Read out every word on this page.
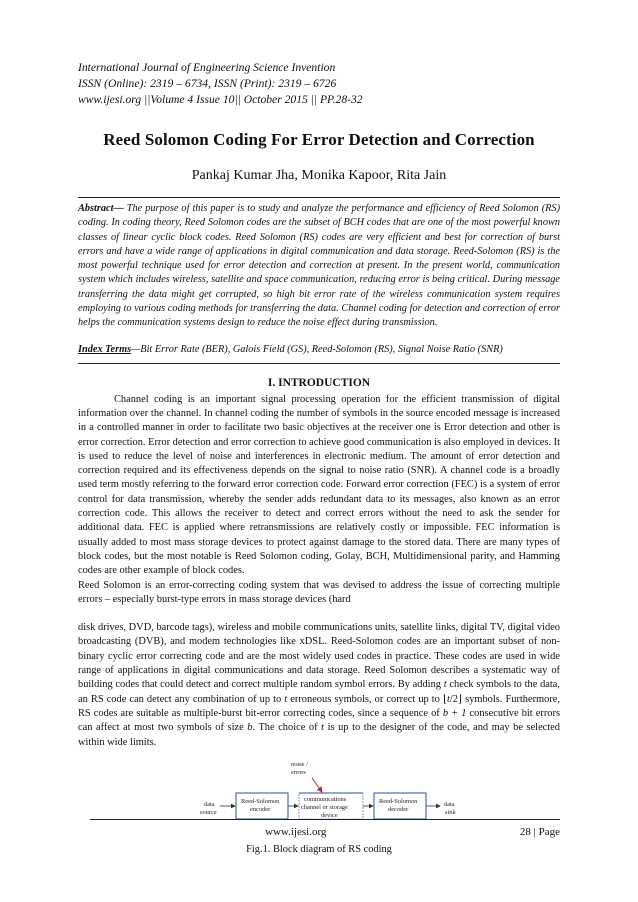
International Journal of Engineering Science Invention
ISSN (Online): 2319 – 6734, ISSN (Print): 2319 – 6726
www.ijesi.org ||Volume 4 Issue 10|| October 2015 || PP.28-32
Reed Solomon Coding For Error Detection and Correction
Pankaj Kumar Jha, Monika Kapoor, Rita Jain
Abstract— The purpose of this paper is to study and analyze the performance and efficiency of Reed Solomon (RS) coding. In coding theory, Reed Solomon codes are the subset of BCH codes that are one of the most powerful known classes of linear cyclic block codes. Reed Solomon (RS) codes are very efficient and best for correction of burst errors and have a wide range of applications in digital communication and data storage. Reed-Solomon (RS) is the most powerful technique used for error detection and correction at present. In the present world, communication system which includes wireless, satellite and space communication, reducing error is being critical. During message transferring the data might get corrupted, so high bit error rate of the wireless communication system requires employing to various coding methods for transferring the data. Channel coding for detection and correction of error helps the communication systems design to reduce the noise effect during transmission.
Index Terms—Bit Error Rate (BER), Galois Field (GS), Reed-Solomon (RS), Signal Noise Ratio (SNR)
I. INTRODUCTION
Channel coding is an important signal processing operation for the efficient transmission of digital information over the channel. In channel coding the number of symbols in the source encoded message is increased in a controlled manner in order to facilitate two basic objectives at the receiver one is Error detection and other is error correction. Error detection and error correction to achieve good communication is also employed in devices. It is used to reduce the level of noise and interferences in electronic medium. The amount of error detection and correction required and its effectiveness depends on the signal to noise ratio (SNR). A channel code is a broadly used term mostly referring to the forward error correction code. Forward error correction (FEC) is a system of error control for data transmission, whereby the sender adds redundant data to its messages, also known as an error correction code. This allows the receiver to detect and correct errors without the need to ask the sender for additional data. FEC is applied where retransmissions are relatively costly or impossible. FEC information is usually added to most mass storage devices to protect against damage to the stored data. There are many types of block codes, but the most notable is Reed Solomon coding, Golay, BCH, Multidimensional parity, and Hamming codes are other example of block codes.
Reed Solomon is an error-correcting coding system that was devised to address the issue of correcting multiple errors – especially burst-type errors in mass storage devices (hard
disk drives, DVD, barcode tags), wireless and mobile communications units, satellite links, digital TV, digital video broadcasting (DVB), and modem technologies like xDSL. Reed-Solomon codes are an important subset of non-binary cyclic error correcting code and are the most widely used codes in practice. These codes are used in wide range of applications in digital communications and data storage. Reed Solomon describes a systematic way of building codes that could detect and correct multiple random symbol errors. By adding t check symbols to the data, an RS code can detect any combination of up to t erroneous symbols, or correct up to ⌊t/2⌋ symbols. Furthermore, RS codes are suitable as multiple-burst bit-error correcting codes, since a sequence of b + 1 consecutive bit errors can affect at most two symbols of size b. The choice of t is up to the designer of the code, and may be selected within wide limits.
noise /
errors
data
source
Reed-Solomon
encoder
communications
channel or storage
device
Reed-Solomon
decoder
data
sink
Fig.1. Block diagram of RS coding
www.ijesi.org	28 | Page
